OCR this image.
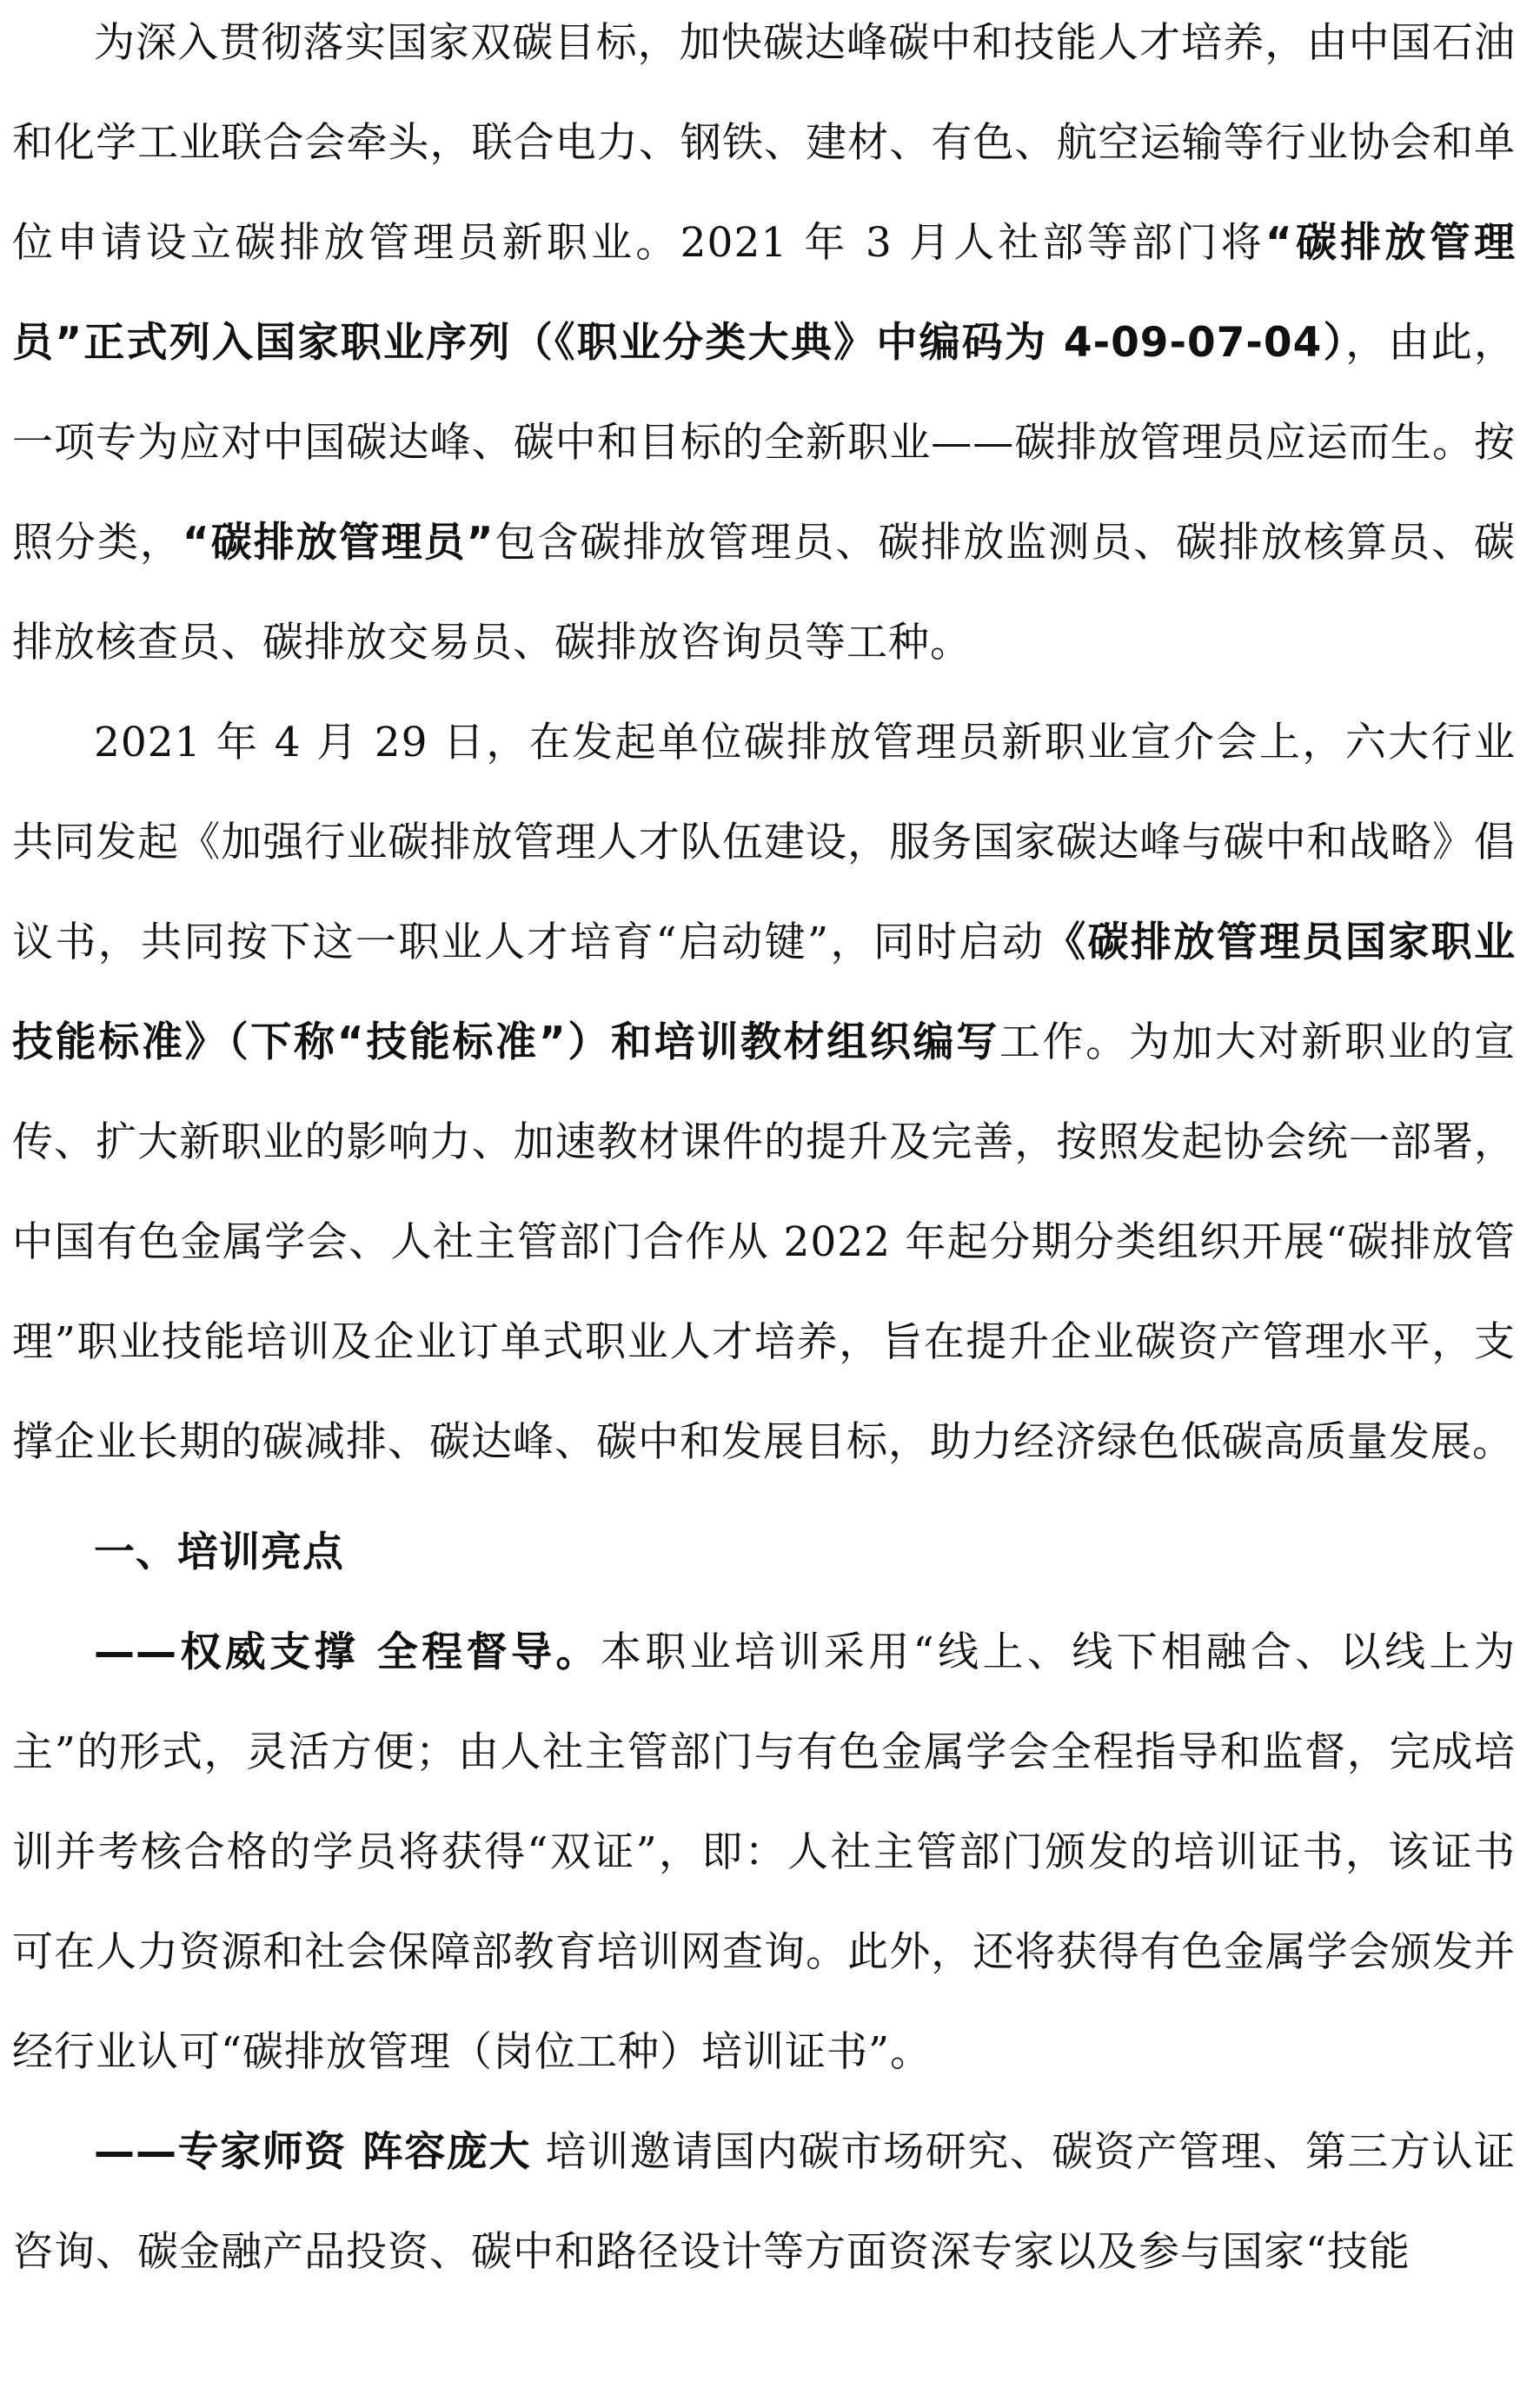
为深入贯彻落实国家双碳目标，加快碳达峰碳中和技能人才培养，由中国石油和化学工业联合会牵头，联合电力、钢铁、建材、有色、航空运输等行业协会和单位申请设立碳排放管理员新职业。2021 年 3 月人社部等部门将“碳排放管理员”正式列入国家职业序列（《职业分类大典》中编码为 4-09-07-04），由此，一项专为应对中国碳达峰、碳中和目标的全新职业——碳排放管理员应运而生。按照分类，“碳排放管理员”包含碳排放管理员、碳排放监测员、碳排放核算员、碳排放核查员、碳排放交易员、碳排放咨询员等工种。

2021 年 4 月 29 日，在发起单位碳排放管理员新职业宣介会上，六大行业共同发起《加强行业碳排放管理人才队伍建设，服务国家碳达峰与碳中和战略》倡议书，共同按下这一职业人才培育“启动键”，同时启动《碳排放管理员国家职业技能标准》（下称“技能标准”）和培训教材组织编写工作。为加大对新职业的宣传、扩大新职业的影响力、加速教材课件的提升及完善，按照发起协会统一部署，中国有色金属学会、人社主管部门合作从 2022 年起分期分类组织开展“碳排放管理”职业技能培训及企业订单式职业人才培养，旨在提升企业碳资产管理水平，支撑企业长期的碳减排、碳达峰、碳中和发展目标，助力经济绿色低碳高质量发展。

一、培训亮点

——权威支撑 全程督导。本职业培训采用“线上、线下相融合、以线上为主”的形式，灵活方便；由人社主管部门与有色金属学会全程指导和监督，完成培训并考核合格的学员将获得“双证”，即：人社主管部门颁发的培训证书，该证书可在人力资源和社会保障部教育培训网查询。此外，还将获得有色金属学会颁发并经行业认可“碳排放管理（岗位工种）培训证书”。

——专家师资 阵容庞大 培训邀请国内碳市场研究、碳资产管理、第三方认证咨询、碳金融产品投资、碳中和路径设计等方面资深专家以及参与国家“技能
